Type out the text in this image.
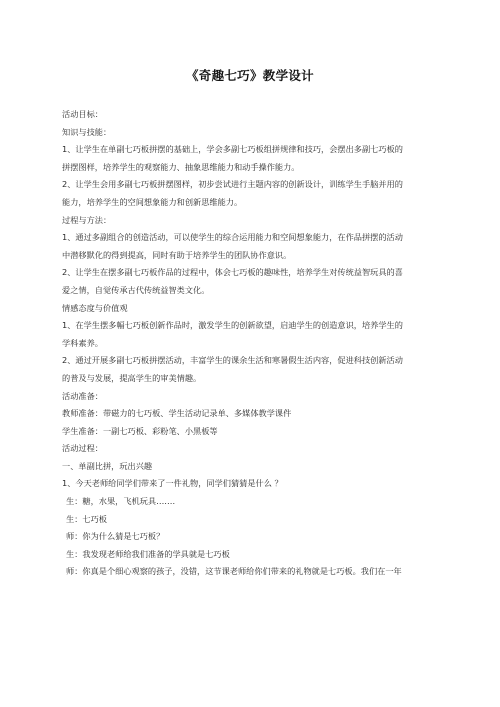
《奇趣七巧》教学设计
活动目标：
知识与技能：
1、让学生在单副七巧板拼摆的基础上，学会多副七巧板组拼规律和技巧，会摆出多副七巧板的
拼摆图样，培养学生的观察能力、抽象思维能力和动手操作能力。
2、让学生会用多副七巧板拼摆图样，初步尝试进行主题内容的创新设计，训练学生手脑并用的
能力，培养学生的空间想象能力和创新思维能力。
过程与方法：
1、通过多副组合的创造活动，可以使学生的综合运用能力和空间想象能力，在作品拼摆的活动
中潜移默化的得到提高，同时有助于培养学生的团队协作意识。
2、让学生在摆多副七巧板作品的过程中，体会七巧板的趣味性，培养学生对传统益智玩具的喜
爱之情，自觉传承古代传统益智类文化。
情感态度与价值观
1、在学生摆多幅七巧板创新作品时，激发学生的创新欲望，启迪学生的创造意识，培养学生的
学科素养。
2、通过开展多副七巧板拼摆活动，丰富学生的课余生活和寒暑假生活内容，促进科技创新活动
的普及与发展，提高学生的审美情趣。
活动准备：
教师准备：带磁力的七巧板、学生活动记录单、多媒体教学课件
学生准备：一副七巧板、彩粉笔、小黑板等
活动过程：
一、单副比拼，玩出兴趣
1、今天老师给同学们带来了一件礼物，同学们猜猜是什么 ？
生：糖，水果，飞机玩具…….
生：七巧板
师：你为什么猜是七巧板？
生：我发现老师给我们准备的学具就是七巧板
师：你真是个细心观察的孩子，没错，这节课老师给你们带来的礼物就是七巧板。我们在一年
